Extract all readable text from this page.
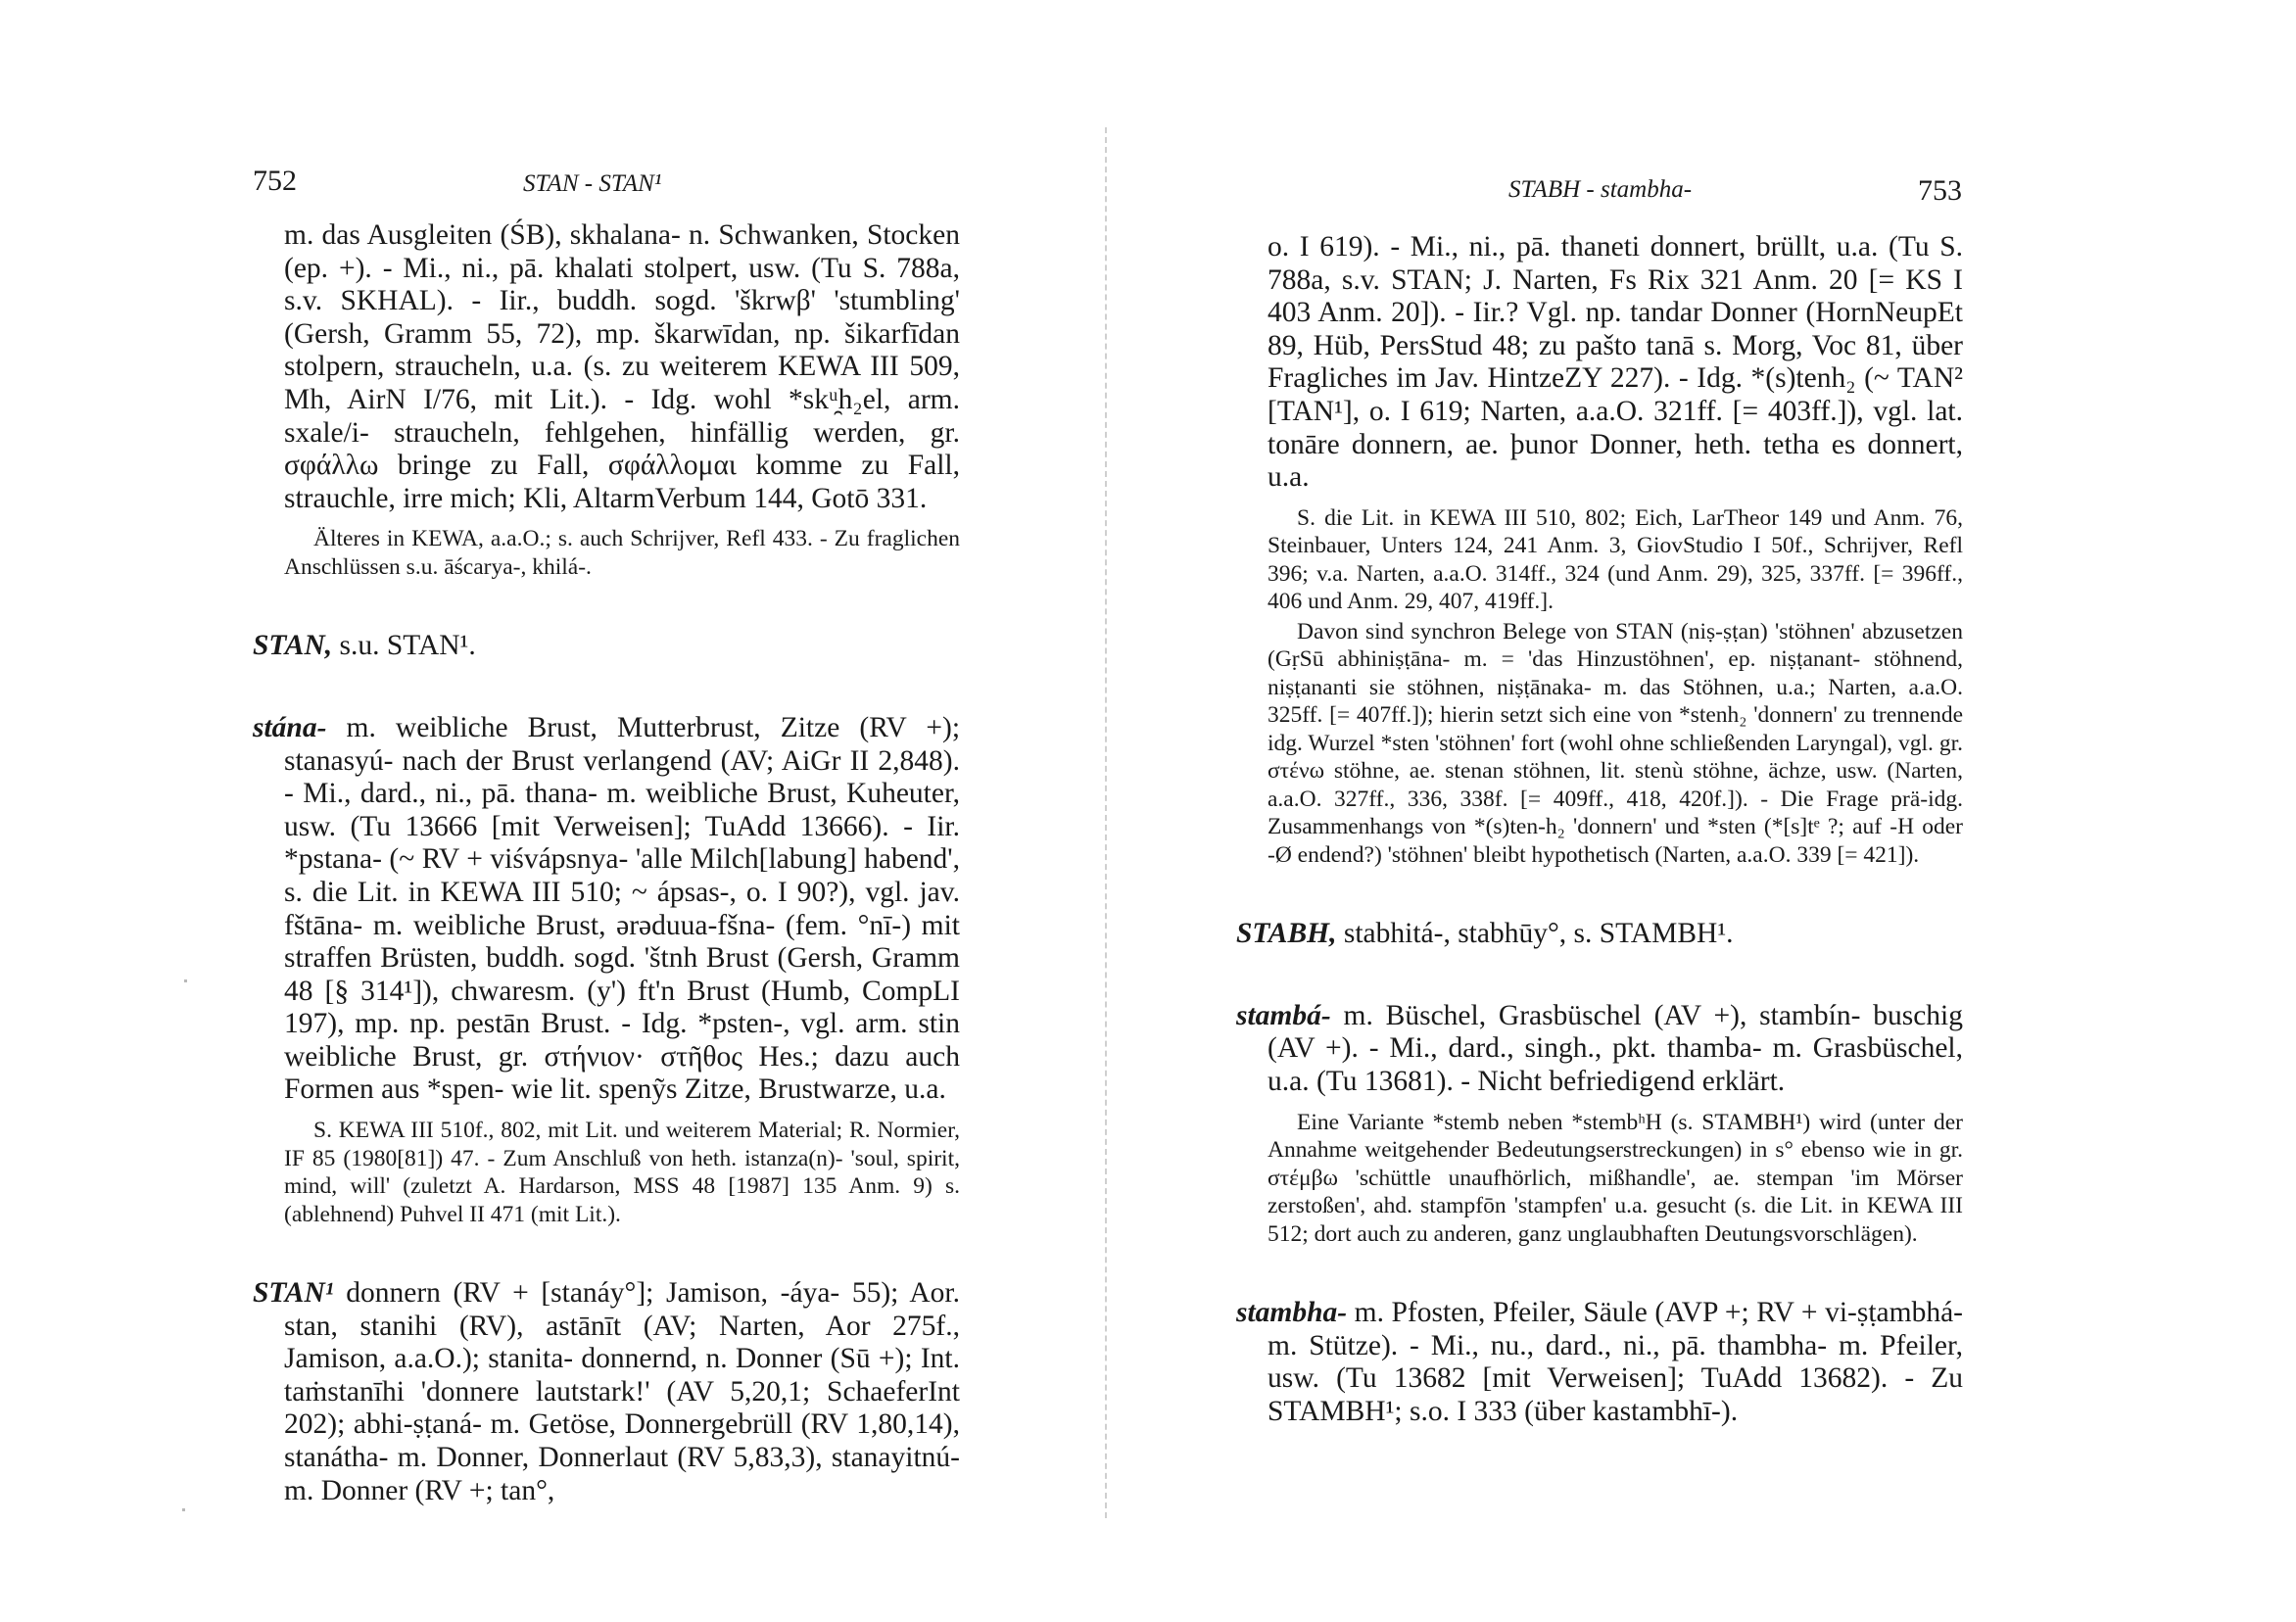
752	STAN - STAN¹

m. das Ausgleiten (ŚB), skhalana- n. Schwanken, Stocken (ep. +). - Mi., ni., pā. khalati stolpert, usw. (Tu S. 788a, s.v. SKHAL). - Iir., buddh. sogd. 'škrwβ' 'stumbling' (Gersh, Gramm 55, 72), mp. škarwīdan, np. šikarfīdan stolpern, straucheln, u.a. (s. zu weiterem KEWA III 509, Mh, AirN I/76, mit Lit.). - Idg. wohl *skᵘ̯h₂el, arm. sxale/i- straucheln, fehlgehen, hinfällig werden, gr. σφάλλω bringe zu Fall, σφάλλομαι komme zu Fall, strauchle, irre mich; Kli, AltarmVerbum 144, Gotō 331.

Älteres in KEWA, a.a.O.; s. auch Schrijver, Refl 433. - Zu fraglichen Anschlüssen s.u. āścarya-, khilá-.

STAN, s.u. STAN¹.

stána- m. weibliche Brust, Mutterbrust, Zitze (RV +); stanasyú- nach der Brust verlangend (AV; AiGr II 2,848). - Mi., dard., ni., pā. thana- m. weibliche Brust, Kuheuter, usw. (Tu 13666 [mit Verweisen]; TuAdd 13666). - Iir. *pstana- (~ RV + viśvápsnya- 'alle Milch[labung] habend', s. die Lit. in KEWA III 510; ~ ápsas-, o. I 90?), vgl. jav. fštāna- m. weibliche Brust, ərəduua-fšna- (fem. °nī-) mit straffen Brüsten, buddh. sogd. 'štnh Brust (Gersh, Gramm 48 [§ 314¹]), chwaresm. (y') ft'n Brust (Humb, CompLI 197), mp. np. pestān Brust. - Idg. *psten-, vgl. arm. stin weibliche Brust, gr. στήνιον· στῆθος Hes.; dazu auch Formen aus *spen- wie lit. spenỹs Zitze, Brustwarze, u.a.

S. KEWA III 510f., 802, mit Lit. und weiterem Material; R. Normier, IF 85 (1980[81]) 47. - Zum Anschluß von heth. istanza(n)- 'soul, spirit, mind, will' (zuletzt A. Hardarson, MSS 48 [1987] 135 Anm. 9) s. (ablehnend) Puhvel II 471 (mit Lit.).

STAN¹ donnern (RV + [stanáy°]; Jamison, -áya- 55); Aor. stan, stanihi (RV), astānīt (AV; Narten, Aor 275f., Jamison, a.a.O.); stanita- donnernd, n. Donner (Sū +); Int. taṁstanīhi 'donnere lautstark!' (AV 5,20,1; SchaeferInt 202); abhi-ṣṭaná- m. Getöse, Donnergebrüll (RV 1,80,14), stanátha- m. Donner, Donnerlaut (RV 5,83,3), stanayitnú- m. Donner (RV +; tan°,

STABH - stambha-	753

o. I 619). - Mi., ni., pā. thaneti donnert, brüllt, u.a. (Tu S. 788a, s.v. STAN; J. Narten, Fs Rix 321 Anm. 20 [= KS I 403 Anm. 20]). - Iir.? Vgl. np. tandar Donner (HornNeupEt 89, Hüb, PersStud 48; zu pašto tanā s. Morg, Voc 81, über Fragliches im Jav. HintzeZY 227). - Idg. *(s)tenh₂ (~ TAN² [TAN¹], o. I 619; Narten, a.a.O. 321ff. [= 403ff.]), vgl. lat. tonāre donnern, ae. þunor Donner, heth. tetha es donnert, u.a.

S. die Lit. in KEWA III 510, 802; Eich, LarTheor 149 und Anm. 76, Steinbauer, Unters 124, 241 Anm. 3, GiovStudio I 50f., Schrijver, Refl 396; v.a. Narten, a.a.O. 314ff., 324 (und Anm. 29), 325, 337ff. [= 396ff., 406 und Anm. 29, 407, 419ff.].

Davon sind synchron Belege von STAN (niṣ-ṣṭan) 'stöhnen' abzusetzen (GṛSū abhiniṣṭāna- m. = 'das Hinzustöhnen', ep. niṣṭanant- stöhnend, niṣṭananti sie stöhnen, niṣṭānaka- m. das Stöhnen, u.a.; Narten, a.a.O. 325ff. [= 407ff.]); hierin setzt sich eine von *stenh₂ 'donnern' zu trennende idg. Wurzel *sten 'stöhnen' fort (wohl ohne schließenden Laryngal), vgl. gr. στένω stöhne, ae. stenan stöhnen, lit. stenù stöhne, ächze, usw. (Narten, a.a.O. 327ff., 336, 338f. [= 409ff., 418, 420f.]). - Die Frage prä-idg. Zusammenhangs von *(s)ten-h₂ 'donnern' und *sten (*[s]tᵉ ?; auf -H oder -Ø endend?) 'stöhnen' bleibt hypothetisch (Narten, a.a.O. 339 [= 421]).

STABH, stabhitá-, stabhūy°, s. STAMBH¹.

stambá- m. Büschel, Grasbüschel (AV +), stambín- buschig (AV +). - Mi., dard., singh., pkt. thamba- m. Grasbüschel, u.a. (Tu 13681). - Nicht befriedigend erklärt.

Eine Variante *stemb neben *stembʰH (s. STAMBH¹) wird (unter der Annahme weitgehender Bedeutungserstreckungen) in s° ebenso wie in gr. στέμβω 'schüttle unaufhörlich, mißhandle', ae. stempan 'im Mörser zerstoßen', ahd. stampfōn 'stampfen' u.a. gesucht (s. die Lit. in KEWA III 512; dort auch zu anderen, ganz unglaubhaften Deutungsvorschlägen).

stambha- m. Pfosten, Pfeiler, Säule (AVP +; RV + vi-ṣṭambhá- m. Stütze). - Mi., nu., dard., ni., pā. thambha- m. Pfeiler, usw. (Tu 13682 [mit Verweisen]; TuAdd 13682). - Zu STAMBH¹; s.o. I 333 (über kastambhī-).
